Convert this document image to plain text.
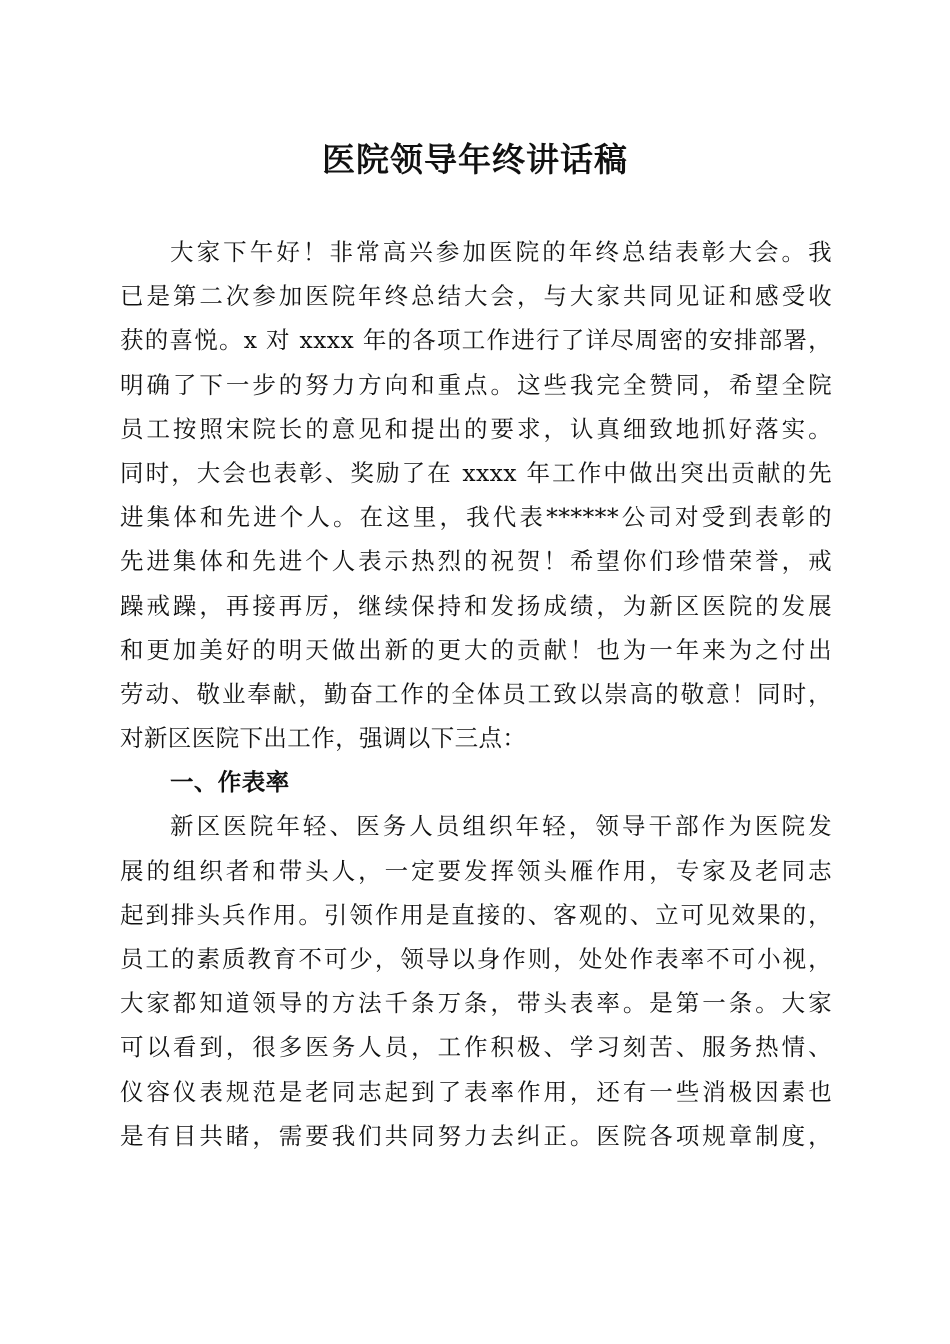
医院领导年终讲话稿
大家下午好！非常高兴参加医院的年终总结表彰大会。我
已是第二次参加医院年终总结大会，与大家共同见证和感受收
获的喜悦。x 对 xxxx 年的各项工作进行了详尽周密的安排部署，
明确了下一步的努力方向和重点。这些我完全赞同，希望全院
员工按照宋院长的意见和提出的要求，认真细致地抓好落实。
同时，大会也表彰、奖励了在 xxxx 年工作中做出突出贡献的先
进集体和先进个人。在这里，我代表******公司对受到表彰的
先进集体和先进个人表示热烈的祝贺！希望你们珍惜荣誉，戒
躁戒躁，再接再厉，继续保持和发扬成绩，为新区医院的发展
和更加美好的明天做出新的更大的贡献！也为一年来为之付出
劳动、敬业奉献，勤奋工作的全体员工致以崇高的敬意！同时，
对新区医院下出工作，强调以下三点：
一、作表率
新区医院年轻、医务人员组织年轻，领导干部作为医院发
展的组织者和带头人，一定要发挥领头雁作用，专家及老同志
起到排头兵作用。引领作用是直接的、客观的、立可见效果的，
员工的素质教育不可少，领导以身作则，处处作表率不可小视，
大家都知道领导的方法千条万条，带头表率。是第一条。大家
可以看到，很多医务人员，工作积极、学习刻苦、服务热情、
仪容仪表规范是老同志起到了表率作用，还有一些消极因素也
是有目共睹，需要我们共同努力去纠正。医院各项规章制度，
